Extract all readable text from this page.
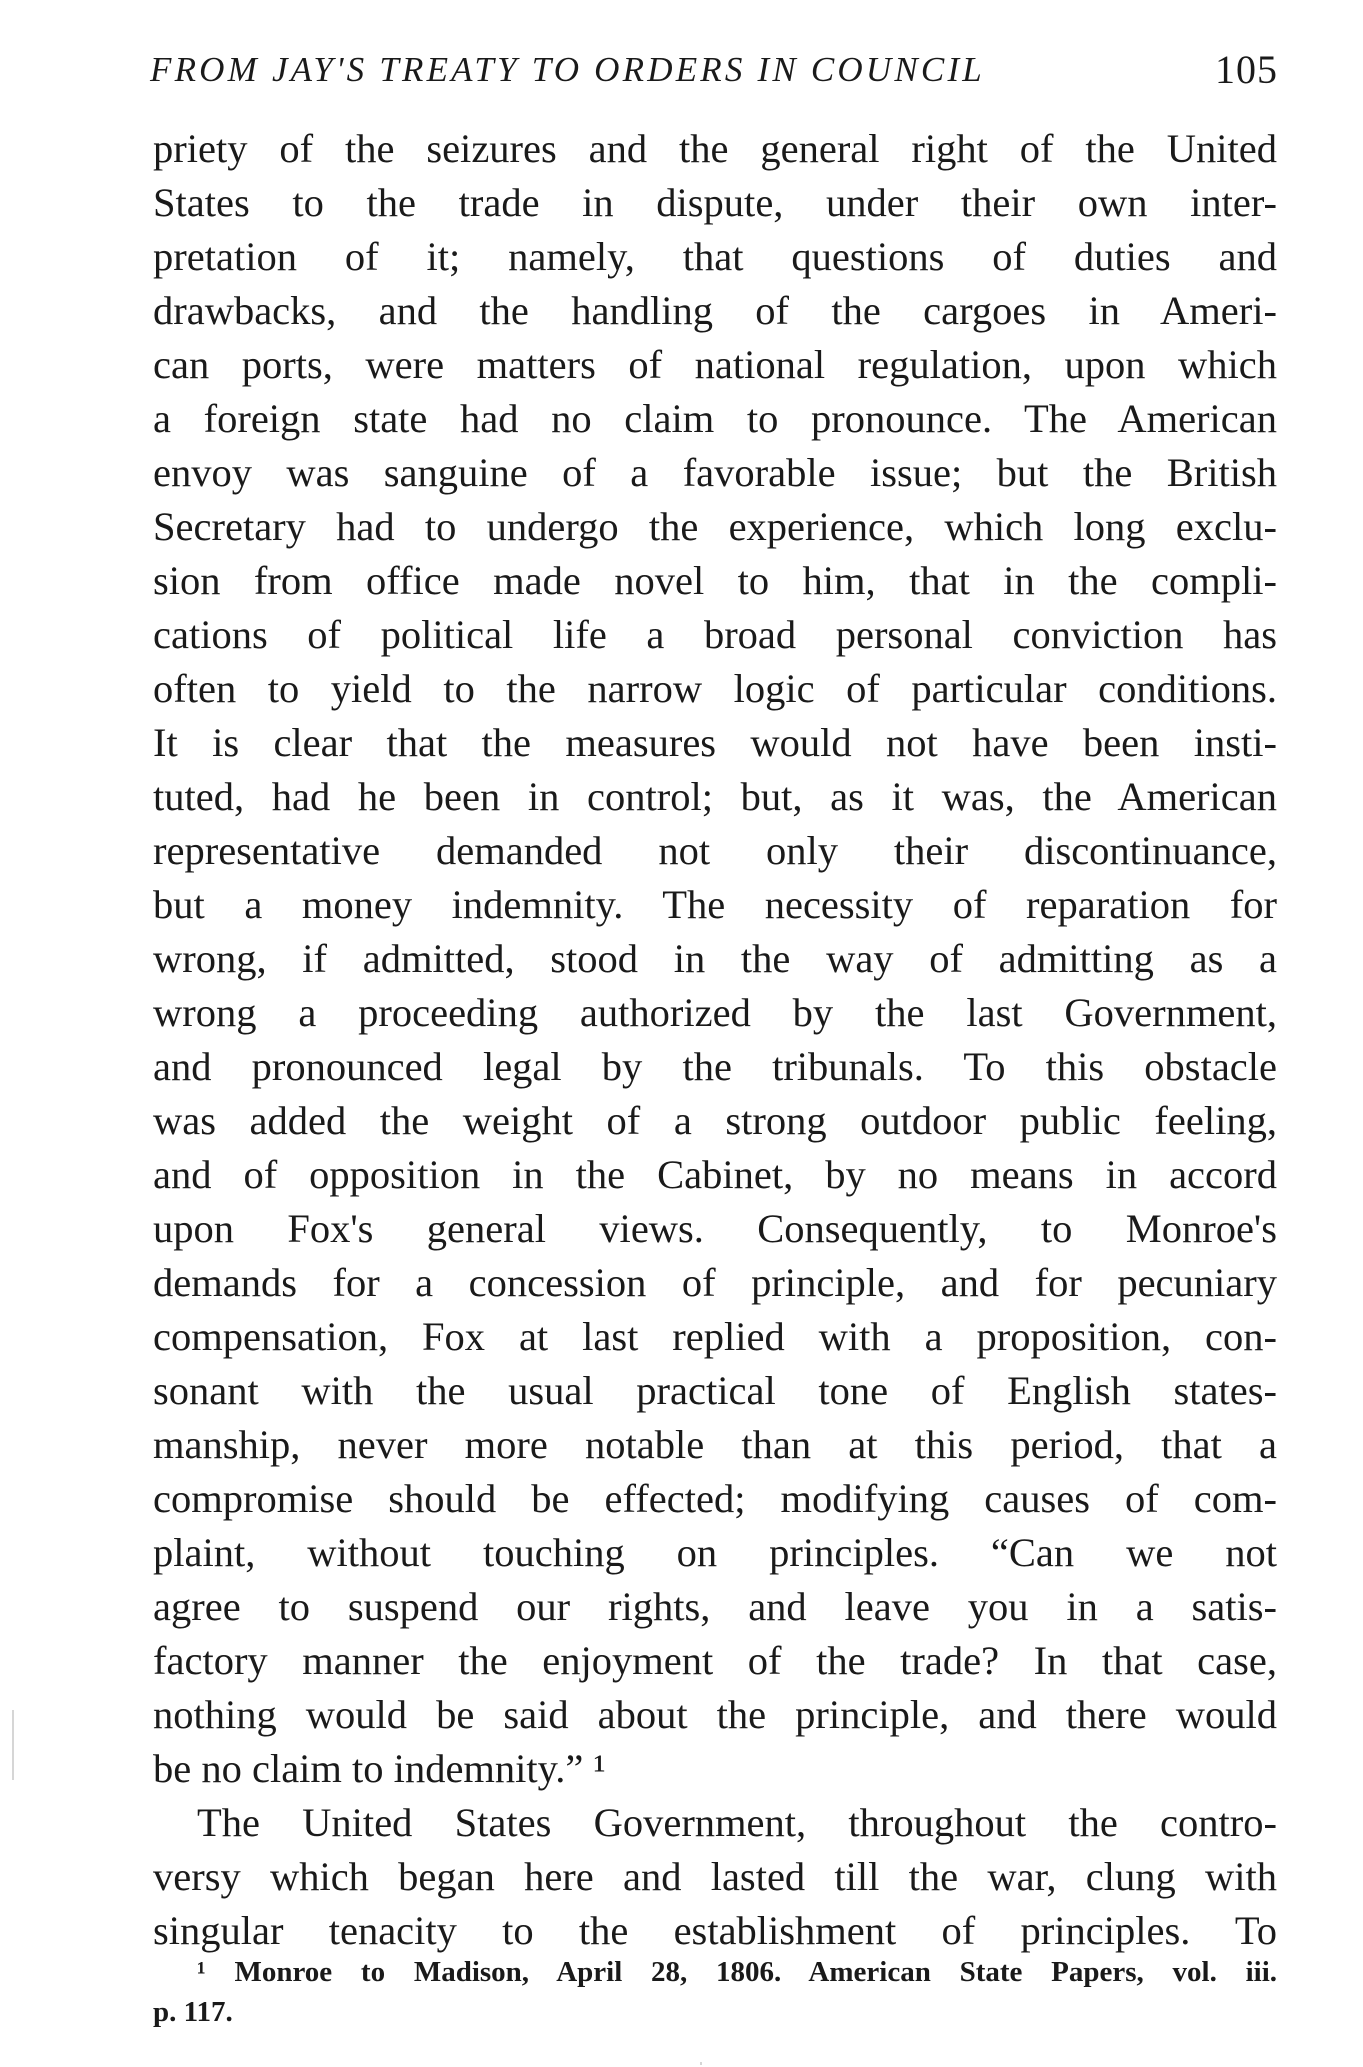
FROM JAY'S TREATY TO ORDERS IN COUNCIL	105
priety of the seizures and the general right of the United
States to the trade in dispute, under their own inter-
pretation of it; namely, that questions of duties and
drawbacks, and the handling of the cargoes in Ameri-
can ports, were matters of national regulation, upon which
a foreign state had no claim to pronounce. The American
envoy was sanguine of a favorable issue; but the British
Secretary had to undergo the experience, which long exclu-
sion from office made novel to him, that in the compli-
cations of political life a broad personal conviction has
often to yield to the narrow logic of particular conditions.
It is clear that the measures would not have been insti-
tuted, had he been in control; but, as it was, the American
representative demanded not only their discontinuance,
but a money indemnity. The necessity of reparation for
wrong, if admitted, stood in the way of admitting as a
wrong a proceeding authorized by the last Government,
and pronounced legal by the tribunals. To this obstacle
was added the weight of a strong outdoor public feeling,
and of opposition in the Cabinet, by no means in accord
upon Fox's general views. Consequently, to Monroe's
demands for a concession of principle, and for pecuniary
compensation, Fox at last replied with a proposition, con-
sonant with the usual practical tone of English states-
manship, never more notable than at this period, that a
compromise should be effected; modifying causes of com-
plaint, without touching on principles. “Can we not
agree to suspend our rights, and leave you in a satis-
factory manner the enjoyment of the trade? In that case,
nothing would be said about the principle, and there would
be no claim to indemnity.” ¹
The United States Government, throughout the contro-
versy which began here and lasted till the war, clung with
singular tenacity to the establishment of principles. To
¹ Monroe to Madison, April 28, 1806. American State Papers, vol. iii.
p. 117.
